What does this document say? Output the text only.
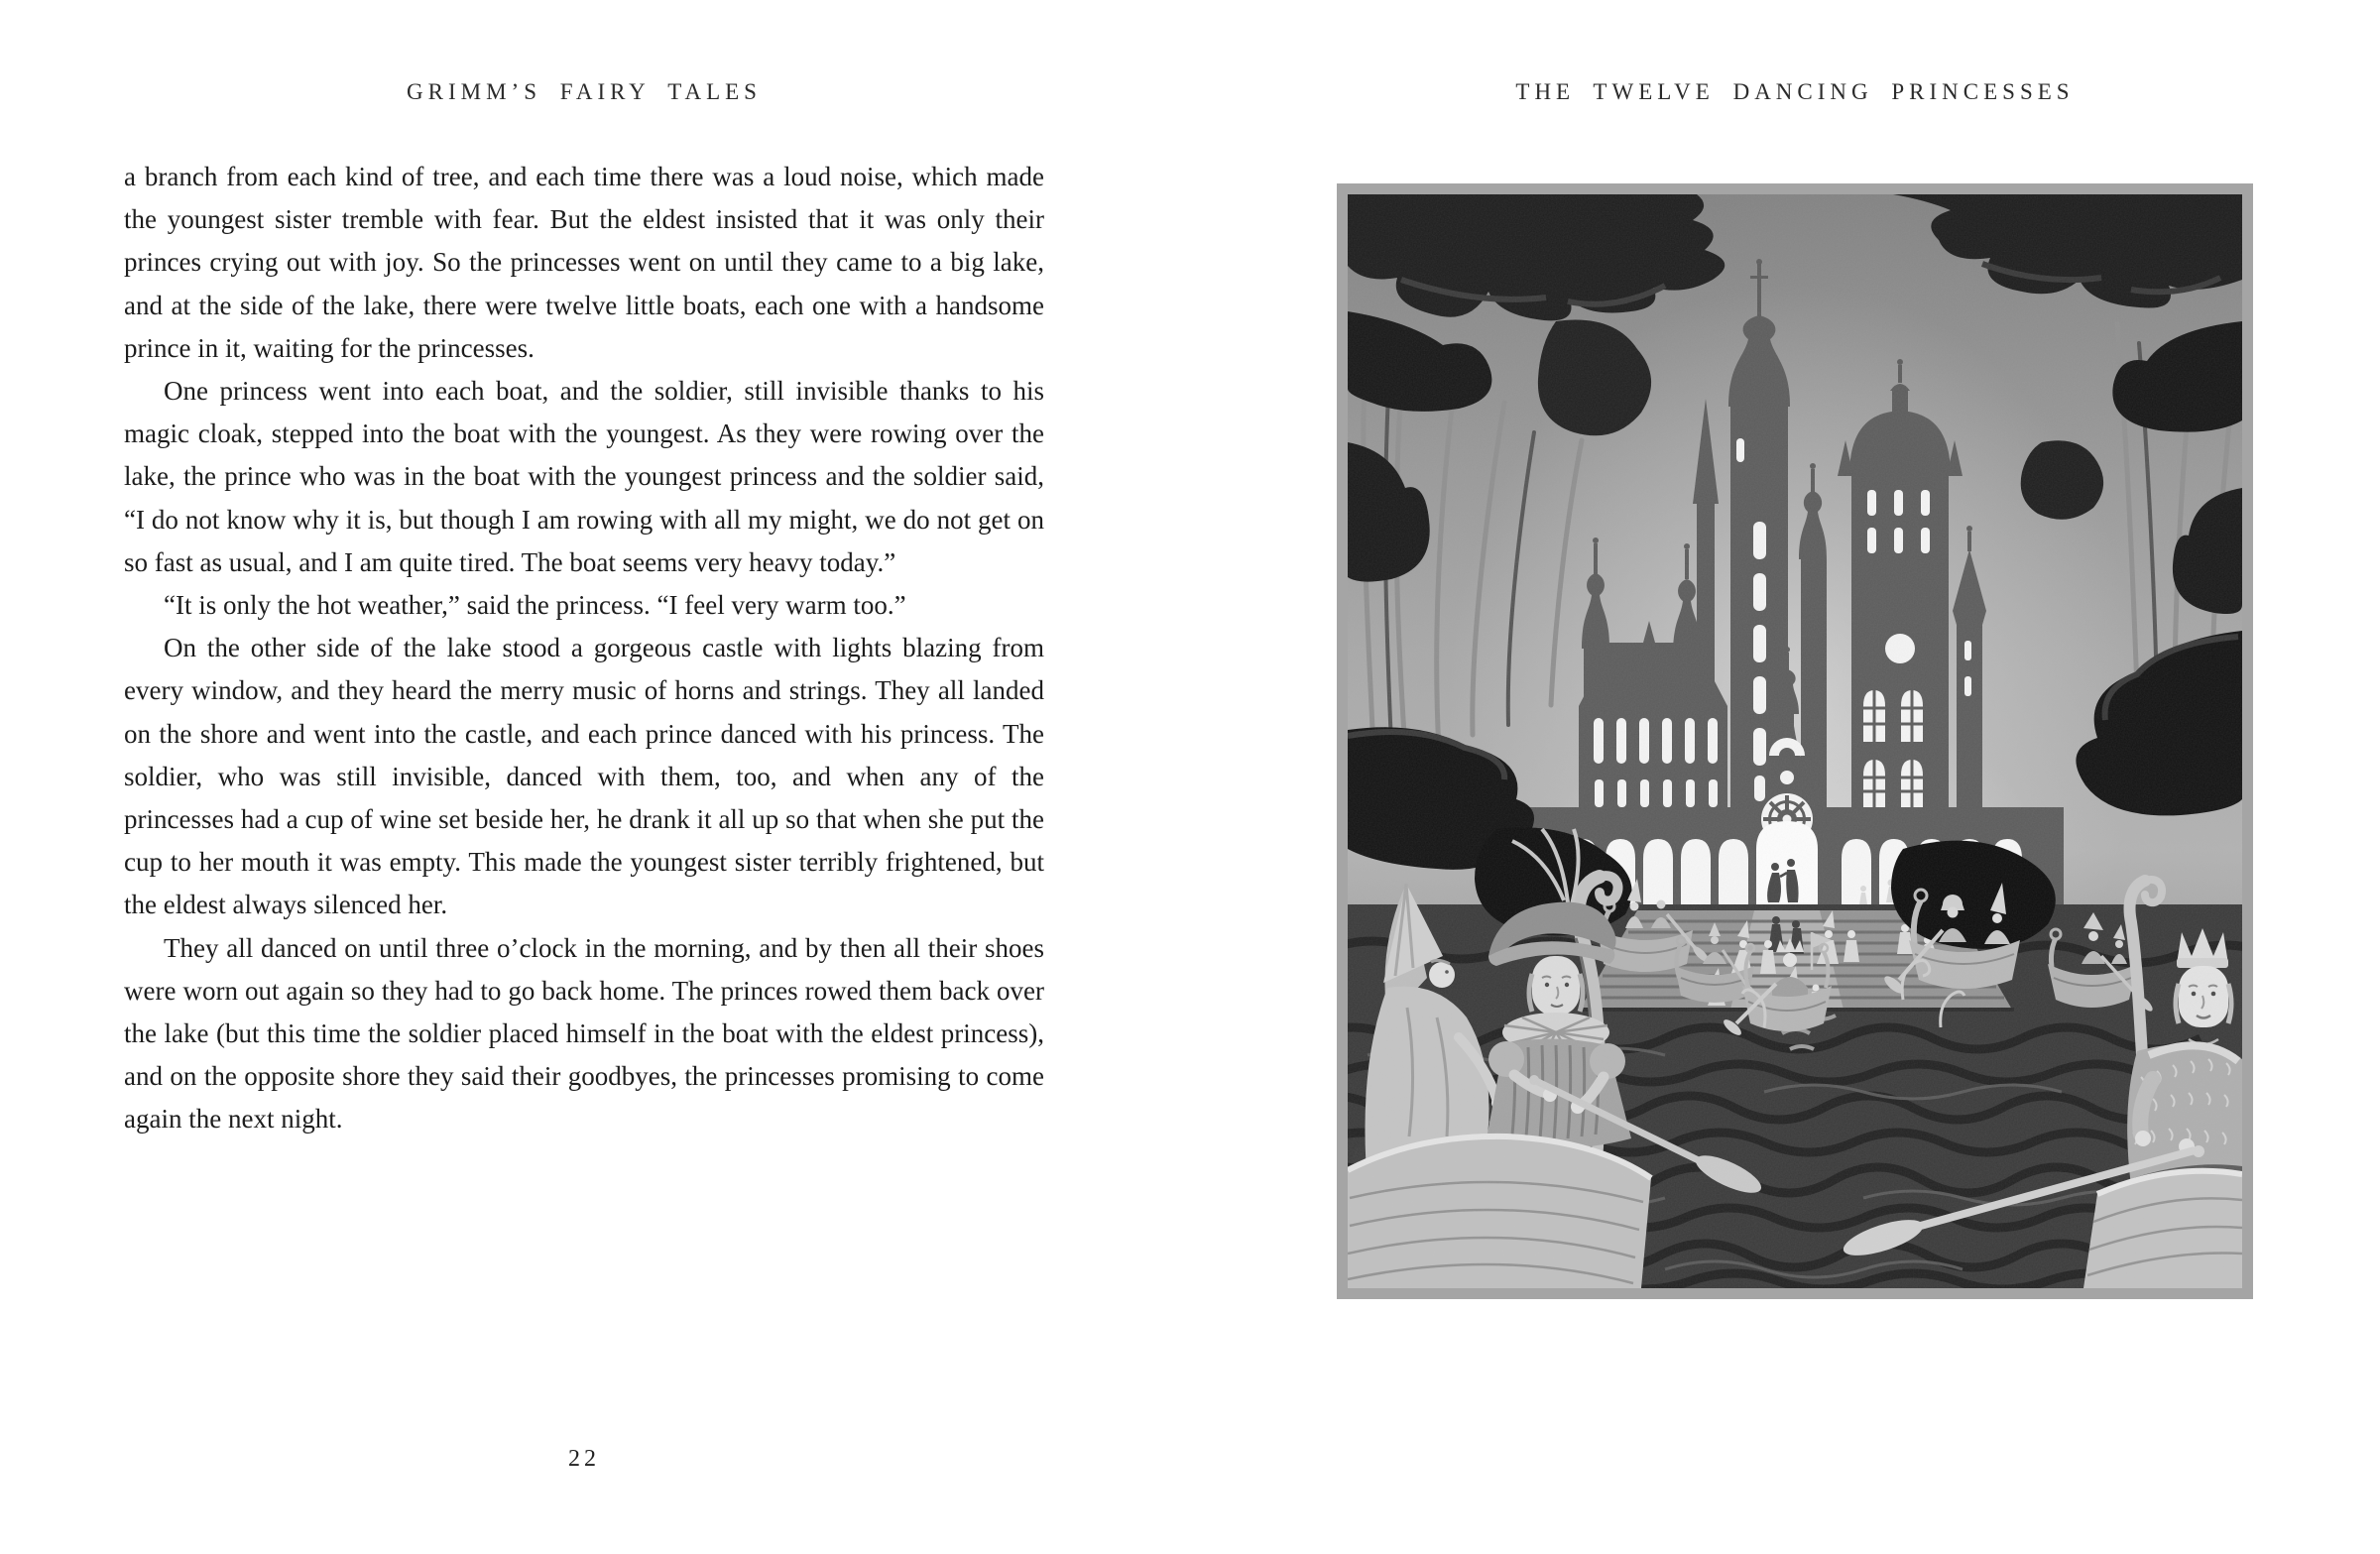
GRIMM’S FAIRY TALES

a branch from each kind of tree, and each time there was a loud noise, which made the youngest sister tremble with fear. But the eldest insisted that it was only their princes crying out with joy. So the princesses went on until they came to a big lake, and at the side of the lake, there were twelve little boats, each one with a handsome prince in it, waiting for the princesses.

One princess went into each boat, and the soldier, still invisible thanks to his magic cloak, stepped into the boat with the youngest. As they were rowing over the lake, the prince who was in the boat with the youngest princess and the soldier said, “I do not know why it is, but though I am rowing with all my might, we do not get on so fast as usual, and I am quite tired. The boat seems very heavy today.”

“It is only the hot weather,” said the princess. “I feel very warm too.”

On the other side of the lake stood a gorgeous castle with lights blazing from every window, and they heard the merry music of horns and strings. They all landed on the shore and went into the castle, and each prince danced with his princess. The soldier, who was still invisible, danced with them, too, and when any of the princesses had a cup of wine set beside her, he drank it all up so that when she put the cup to her mouth it was empty. This made the youngest sister terribly frightened, but the eldest always silenced her.

They all danced on until three o’clock in the morning, and by then all their shoes were worn out again so they had to go back home. The princes rowed them back over the lake (but this time the soldier placed himself in the boat with the eldest princess), and on the opposite shore they said their goodbyes, the princesses promising to come again the next night.

22
THE TWELVE DANCING PRINCESSES
